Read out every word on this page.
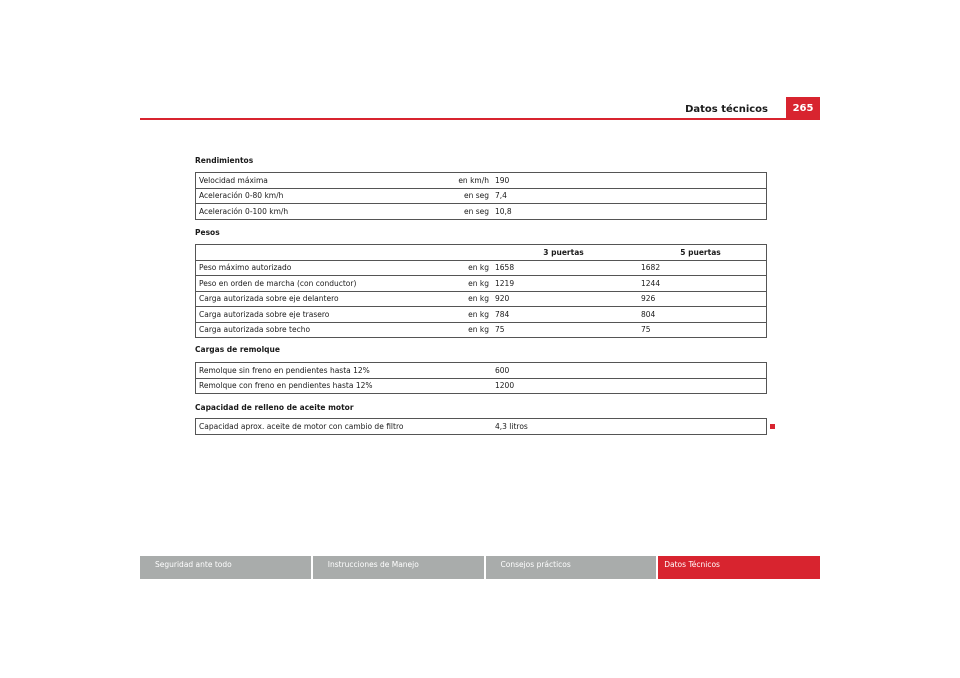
Datos técnicos	265
Rendimientos
Velocidad máxima	en km/h	190
Aceleración 0-80 km/h	en seg	7,4
Aceleración 0-100 km/h	en seg	10,8
Pesos
		3 puertas	5 puertas
Peso máximo autorizado	en kg	1658	1682
Peso en orden de marcha (con conductor)	en kg	1219	1244
Carga autorizada sobre eje delantero	en kg	920	926
Carga autorizada sobre eje trasero	en kg	784	804
Carga autorizada sobre techo	en kg	75	75
Cargas de remolque
Remolque sin freno en pendientes hasta 12%		600
Remolque con freno en pendientes hasta 12%		1200
Capacidad de relleno de aceite motor
Capacidad aprox. aceite de motor con cambio de filtro		4,3 litros
Seguridad ante todo	Instrucciones de Manejo	Consejos prácticos	Datos Técnicos
